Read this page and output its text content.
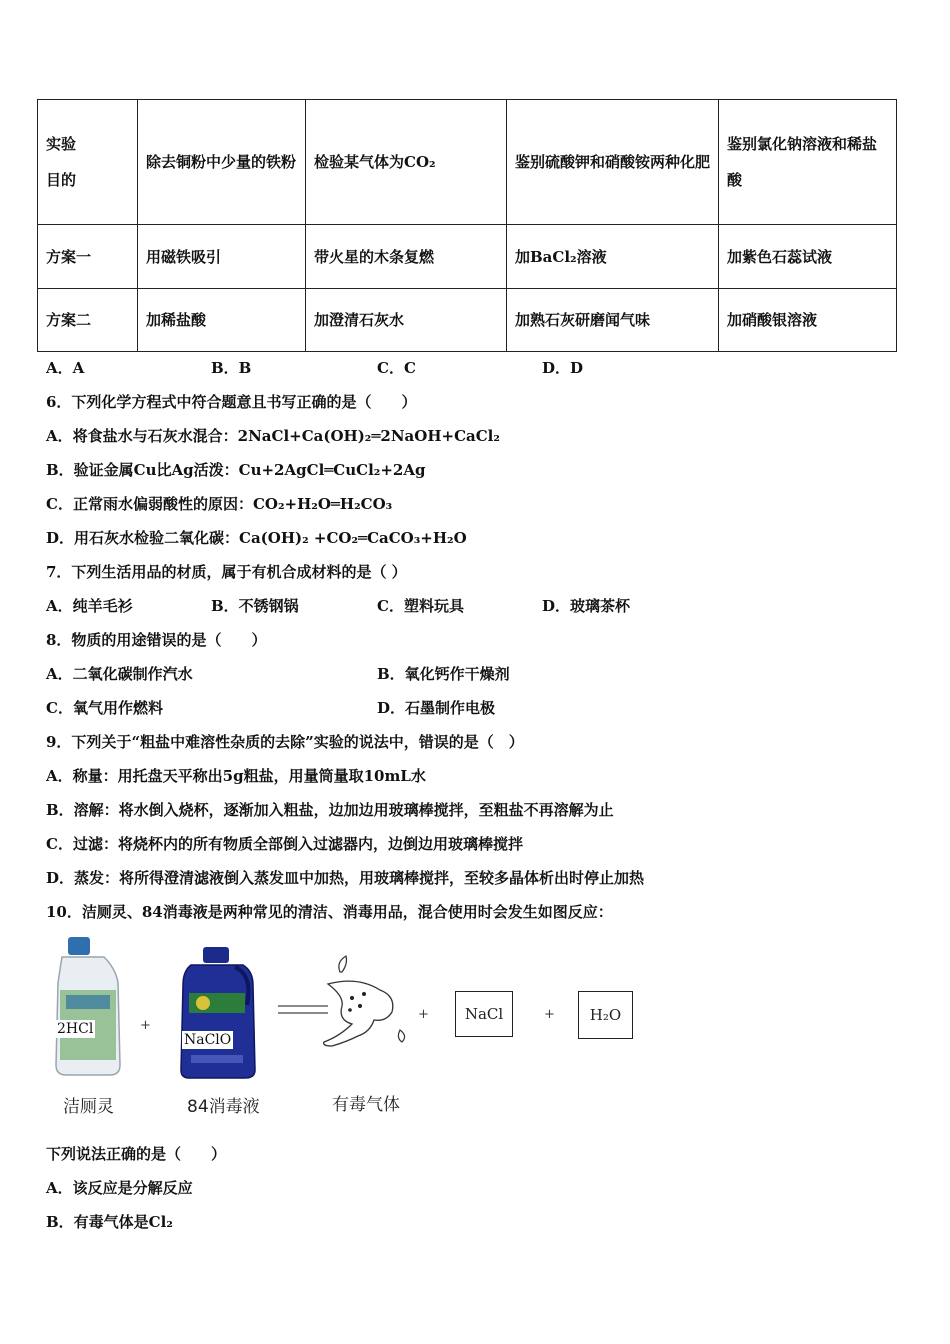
实验
目的	除去铜粉中少量的铁粉	检验某气体为CO₂	鉴别硫酸钾和硝酸铵两种化肥	鉴别氯化钠溶液和稀盐酸
方案一	用磁铁吸引	带火星的木条复燃	加BaCl₂溶液	加紫色石蕊试液
方案二	加稀盐酸	加澄清石灰水	加熟石灰研磨闻气味	加硝酸银溶液
A．A	B．B	C．C	D．D
6．下列化学方程式中符合题意且书写正确的是（　　）
A．将食盐水与石灰水混合：2NaCl+Ca(OH)₂═2NaOH+CaCl₂
B．验证金属Cu比Ag活泼：Cu+2AgCl═CuCl₂+2Ag
C．正常雨水偏弱酸性的原因：CO₂+H₂O═H₂CO₃
D．用石灰水检验二氧化碳：Ca(OH)₂ +CO₂═CaCO₃+H₂O
7．下列生活用品的材质，属于有机合成材料的是（ ）
A．纯羊毛衫	B．不锈钢锅	C．塑料玩具	D．玻璃茶杯
8．物质的用途错误的是（　　）
A．二氧化碳制作汽水	B．氧化钙作干燥剂
C．氧气用作燃料	D．石墨制作电极
9．下列关于“粗盐中难溶性杂质的去除”实验的说法中，错误的是（　）
A．称量：用托盘天平称出5g粗盐，用量筒量取10mL水
B．溶解：将水倒入烧杯，逐渐加入粗盐，边加边用玻璃棒搅拌，至粗盐不再溶解为止
C．过滤：将烧杯内的所有物质全部倒入过滤器内，边倒边用玻璃棒搅拌
D．蒸发：将所得澄清滤液倒入蒸发皿中加热，用玻璃棒搅拌，至较多晶体析出时停止加热
10．洁厕灵、84消毒液是两种常见的清洁、消毒用品，混合使用时会发生如图反应：
2HCl	+
NaClO
+ NaCl	+ H₂O
洁厕灵	84消毒液	有毒气体
下列说法正确的是（　　）
A．该反应是分解反应
B．有毒气体是Cl₂
